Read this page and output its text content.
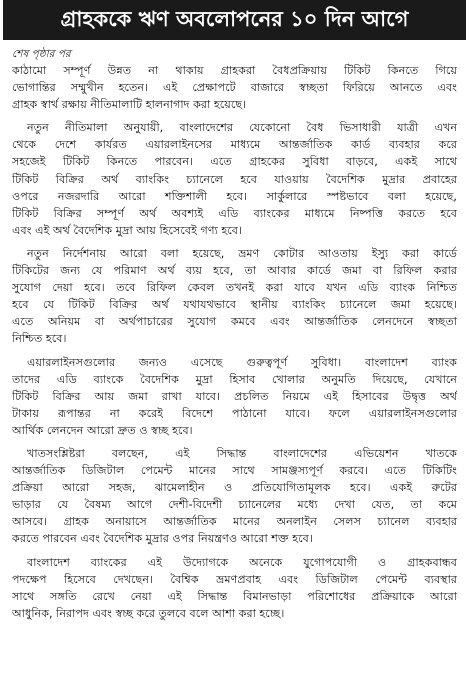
গ্রাহককে ঋণ অবলোপনের ১০ দিন আগে
শেষ পৃষ্ঠার পর
কাঠামো সম্পূর্ণ উন্নত না থাকায় গ্রাহকরা বৈধপ্রক্রিয়ায় টিকিট কিনতে গিয়ে
ভোগান্তির সম্মুখীন হতেন। এই প্রেক্ষাপটে বাজারে স্বচ্ছতা ফিরিয়ে আনতে এবং
গ্রাহক স্বার্থ রক্ষায় নীতিমালাটি হালনাগাদ করা হয়েছে।
নতুন নীতিমালা অনুযায়ী, বাংলাদেশের যেকোনো বৈধ ভিসাধারী যাত্রী এখন
থেকে দেশে কার্যরত এয়ারলাইনসের মাধ্যমে আন্তর্জাতিক কার্ড ব্যবহার করে
সহজেই টিকিট কিনতে পারবেন। এতে গ্রাহকের সুবিধা বাড়বে, একই সাথে
টিকিট বিক্রির অর্থ ব্যাংকিং চ্যানেলে হবে যাওয়ায় বৈদেশিক মুদ্রার প্রবাহের
ওপরে নজরদারি আরো শক্তিশালী হবে। সার্কুলারে স্পষ্টভাবে বলা হয়েছে,
টিকিট বিক্রির সম্পূর্ণ অর্থ অবশ্যই এডি ব্যাংকের মাধ্যমে নিষ্পত্তি করতে হবে
এবং এই অর্থ বৈদেশিক মুদ্রা আয় হিসেবেই গণ্য হবে।
নতুন নির্দেশনায় আরো বলা হয়েছে, ভ্রমণ কোটার আওতায় ইস্যু করা কার্ডে
টিকিটের জন্য যে পরিমাণ অর্থ ব্যয় হবে, তা আবার কার্ডে জমা বা রিফিল করার
সুযোগ দেয়া হবে। তবে রিফিল কেবল তখনই করা যাবে যখন এডি ব্যাংক নিশ্চিত
হবে যে টিকিট বিক্রির অর্থ যথাযথভাবে স্থানীয় ব্যাংকিং চ্যানেলে জমা হয়েছে।
এতে অনিয়ম বা অর্থপাচারের সুযোগ কমবে এবং আন্তর্জাতিক লেনদেনে স্বচ্ছতা
নিশ্চিত হবে।
এয়ারলাইনসগুলোর জন্যও এসেছে গুরুত্বপূর্ণ সুবিধা। বাংলাদেশ ব্যাংক
তাদের এডি ব্যাংকে বৈদেশিক মুদ্রা হিসাব খোলার অনুমতি দিয়েছে, যেখানে
টিকিট বিক্রির আয় জমা রাখা যাবে। প্রচলিত নিয়মে এই হিসাবের উদ্বৃত্ত অর্থ
টাকায় রূপান্তর না করেই বিদেশে পাঠানো যাবে। ফলে এয়ারলাইনসগুলোর
আর্থিক লেনদেন আরো দ্রুত ও স্বচ্ছ হবে।
খাতসংশ্লিষ্টরা বলছেন, এই সিদ্ধান্ত বাংলাদেশের এভিয়েশন খাতকে
আন্তর্জাতিক ডিজিটাল পেমেন্ট মানের সাথে সামঞ্জস্যপূর্ণ করবে। এতে টিকিটিং
প্রক্রিয়া আরো সহজ, ঝামেলাহীন ও প্রতিযোগিতামূলক হবে। একই রুটের
ভাড়ার যে বৈষম্য আগে দেশী-বিদেশী চ্যানেলের মধ্যে দেখা যেত, তা কমে
আসবে। গ্রাহক অনায়াসে আন্তর্জাতিক মানের অনলাইন সেলস চ্যানেল ব্যবহার
করতে পারবেন এবং বৈদেশিক মুদ্রার ওপর নিয়ন্ত্রণও আরো শক্ত হবে।
বাংলাদেশ ব্যাংকের এই উদ্যোগকে অনেকে যুগোপযোগী ও গ্রাহকবান্ধব
পদক্ষেপ হিসেবে দেখছেন। বৈশ্বিক ভ্রমণপ্রবাহ এবং ডিজিটাল পেমেন্ট ব্যবস্থার
সাথে সঙ্গতি রেখে নেয়া এই সিদ্ধান্ত বিমানভাড়া পরিশোধের প্রক্রিয়াকে আরো
আধুনিক, নিরাপদ এবং স্বচ্ছ করে তুলবে বলে আশা করা হচ্ছে।
